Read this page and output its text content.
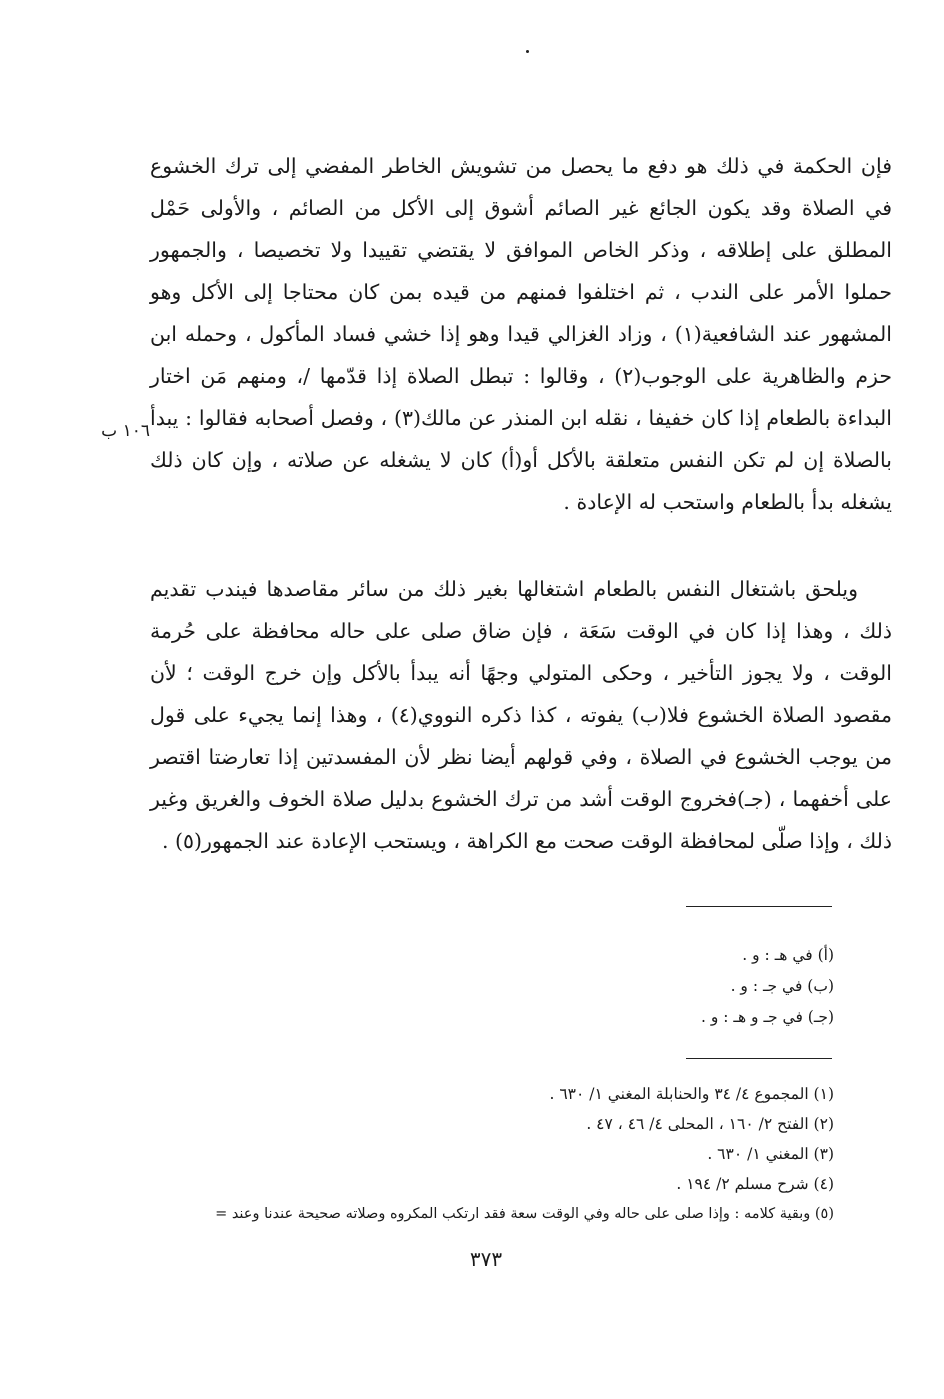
فإن الحكمة في ذلك هو دفع ما يحصل من تشويش الخاطر المفضي إلى ترك الخشوع في الصلاة وقد يكون الجائع غير الصائم أشوق إلى الأكل من الصائم ، والأولى حَمْل المطلق على إطلاقه ، وذكر الخاص الموافق لا يقتضي تقييدا ولا تخصيصا ، والجمهور حملوا الأمر على الندب ، ثم اختلفوا فمنهم من قيده بمن كان محتاجا إلى الأكل وهو المشهور عند الشافعية(١) ، وزاد الغزالي قيدا وهو إذا خشي فساد المأكول ، وحمله ابن حزم والظاهرية على الوجوب(٢) ، وقالوا : تبطل الصلاة إذا قدّمها /، ومنهم مَن اختار البداءة بالطعام إذا كان خفيفا ، نقله ابن المنذر عن مالك(٣) ، وفصل أصحابه فقالوا : يبدأ بالصلاة إن لم تكن النفس متعلقة بالأكل أو(أ) كان لا يشغله عن صلاته ، وإن كان ذلك يشغله بدأ بالطعام واستحب له الإعادة .

١٠٦ ب

ويلحق باشتغال النفس بالطعام اشتغالها بغير ذلك من سائر مقاصدها فيندب تقديم ذلك ، وهذا إذا كان في الوقت سَعَة ، فإن ضاق صلى على حاله محافظة على حُرمة الوقت ، ولا يجوز التأخير ، وحكى المتولي وجهًا أنه يبدأ بالأكل وإن خرج الوقت ؛ لأن مقصود الصلاة الخشوع فلا(ب) يفوته ، كذا ذكره النووي(٤) ، وهذا إنما يجيء على قول من يوجب الخشوع في الصلاة ، وفي قولهم أيضا نظر لأن المفسدتين إذا تعارضتا اقتصر على أخفهما ، (جـ)فخروج الوقت أشد من ترك الخشوع بدليل صلاة الخوف والغريق وغير ذلك ، وإذا صلّى لمحافظة الوقت صحت مع الكراهة ، ويستحب الإعادة عند الجمهور(٥) .

(أ) في هـ : و .
(ب) في جـ : و .
(جـ) في جـ و هـ : و .
(١) المجموع ٤/ ٣٤ والحنابلة المغني ١/ ٦٣٠ .
(٢) الفتح ٢/ ١٦٠ ، المحلى ٤/ ٤٦ ، ٤٧ .
(٣) المغني ١/ ٦٣٠ .
(٤) شرح مسلم ٢/ ١٩٤ .
(٥) وبقية كلامه : وإذا صلى على حاله وفي الوقت سعة فقد ارتكب المكروه وصلاته صحيحة عندنا وعند =
٣٧٣
